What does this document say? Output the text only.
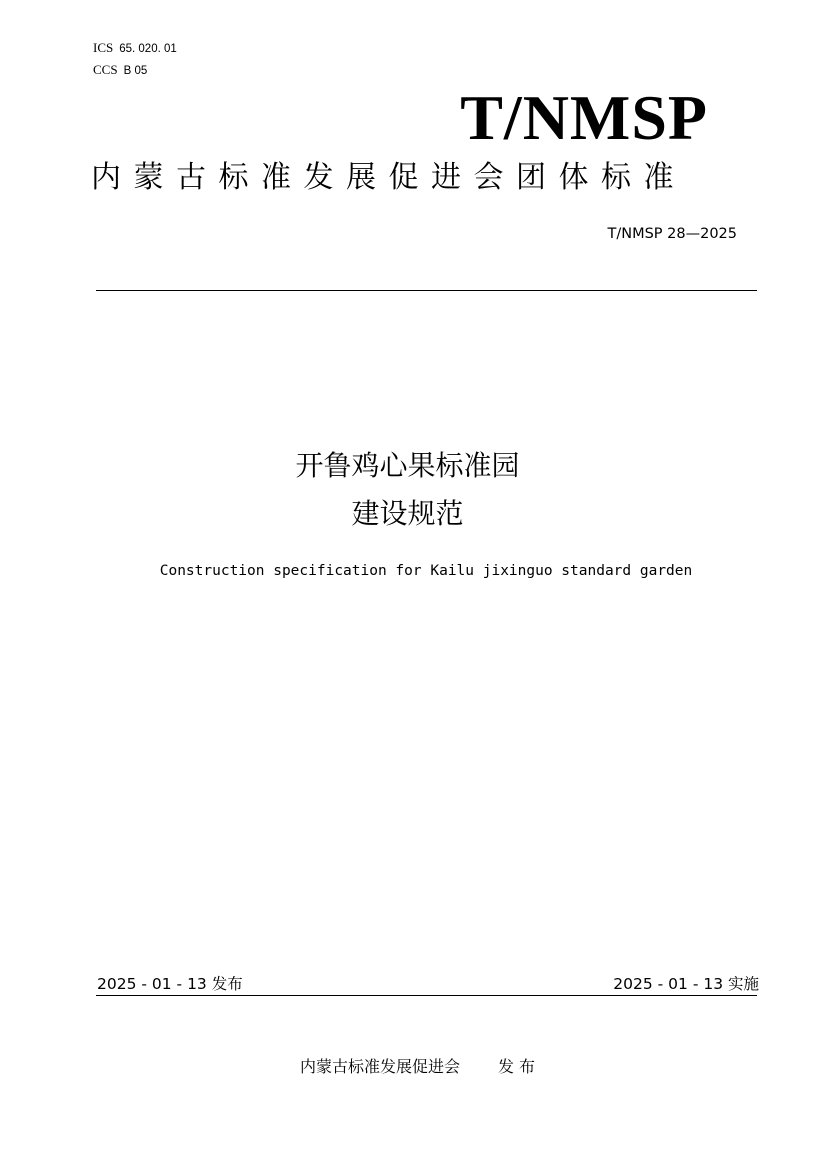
ICS 65. 020. 01
CCS B 05
T/NMSP
内蒙古标准发展促进会团体标准
T/NMSP 28—2025
开鲁鸡心果标准园
建设规范
Construction specification for Kailu jixinguo standard garden
2025 - 01 - 13 发布	2025 - 01 - 13 实施
内蒙古标准发展促进会 发 布
